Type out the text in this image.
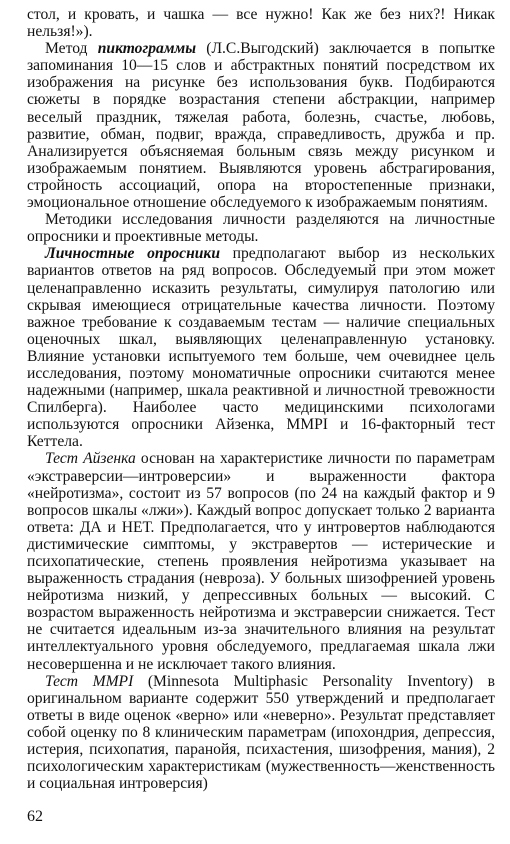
стол, и кровать, и чашка — все нужно! Как же без них?! Никак нельзя!»).

Метод пиктограммы (Л.С.Выгодский) заключается в попытке запоминания 10—15 слов и абстрактных понятий посредством их изображения на рисунке без использования букв. Подбираются сюжеты в порядке возрастания степени абстракции, например веселый праздник, тяжелая работа, болезнь, счастье, любовь, развитие, обман, подвиг, вражда, справедливость, дружба и пр. Анализируется объясняемая больным связь между рисунком и изображаемым понятием. Выявляются уровень абстрагирования, стройность ассоциаций, опора на второстепенные признаки, эмоциональное отношение обследуемого к изображаемым понятиям.

Методики исследования личности разделяются на личностные опросники и проективные методы.

Личностные опросники предполагают выбор из нескольких вариантов ответов на ряд вопросов. Обследуемый при этом может целенаправленно исказить результаты, симулируя патологию или скрывая имеющиеся отрицательные качества личности. Поэтому важное требование к создаваемым тестам — наличие специальных оценочных шкал, выявляющих целенаправленную установку. Влияние установки испытуемого тем больше, чем очевиднее цель исследования, поэтому мономатичные опросники считаются менее надежными (например, шкала реактивной и личностной тревожности Спилберга). Наиболее часто медицинскими психологами используются опросники Айзенка, MMPI и 16-факторный тест Кеттела.

Тест Айзенка основан на характеристике личности по параметрам «экстраверсии—интроверсии» и выраженности фактора «нейротизма», состоит из 57 вопросов (по 24 на каждый фактор и 9 вопросов шкалы «лжи»). Каждый вопрос допускает только 2 варианта ответа: ДА и НЕТ. Предполагается, что у интровертов наблюдаются дистимические симптомы, у экстравертов — истерические и психопатические, степень проявления нейротизма указывает на выраженность страдания (невроза). У больных шизофренией уровень нейротизма низкий, у депрессивных больных — высокий. С возрастом выраженность нейротизма и экстраверсии снижается. Тест не считается идеальным из-за значительного влияния на результат интеллектуального уровня обследуемого, предлагаемая шкала лжи несовершенна и не исключает такого влияния.

Тест MMPI (Minnesota Multiphasic Personality Inventory) в оригинальном варианте содержит 550 утверждений и предполагает ответы в виде оценок «верно» или «неверно». Результат представляет собой оценку по 8 клиническим параметрам (ипохондрия, депрессия, истерия, психопатия, паранойя, психастения, шизофрения, мания), 2 психологическим характеристикам (мужественность—женственность и социальная интроверсия)

62
